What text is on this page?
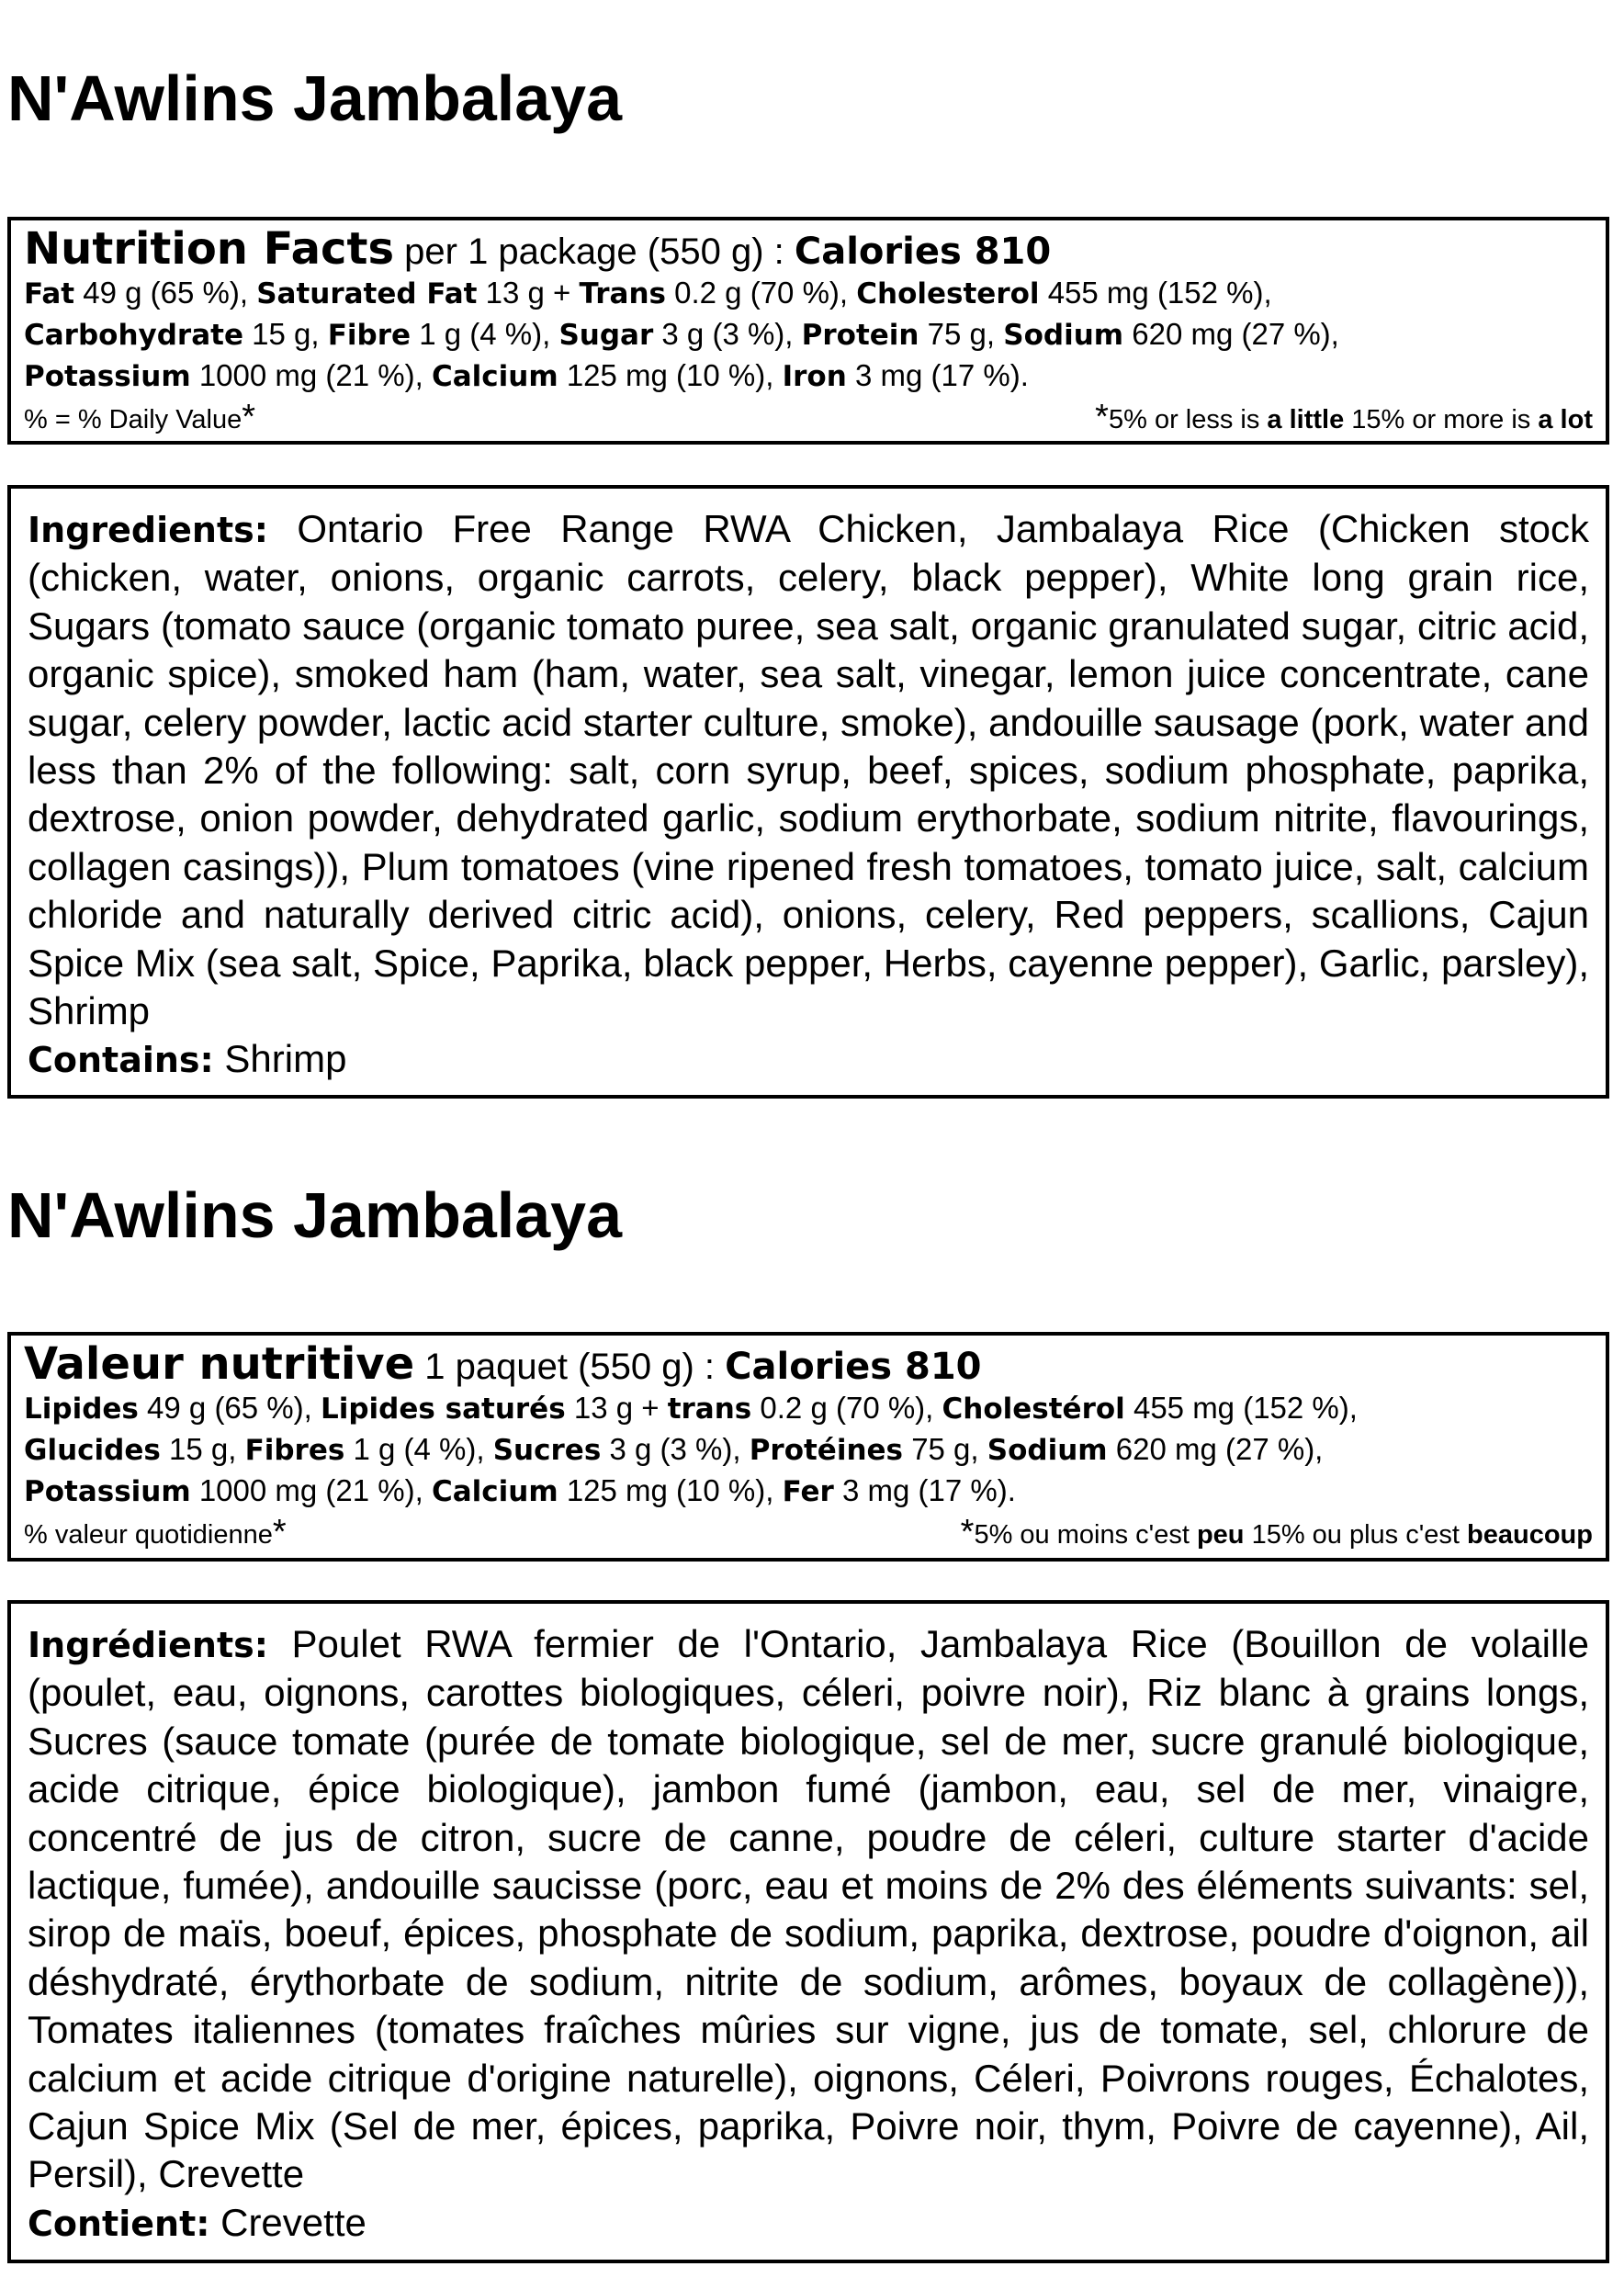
N'Awlins Jambalaya
Nutrition Facts per 1 package (550 g) : Calories 810
Fat 49 g (65 %), Saturated Fat 13 g + Trans 0.2 g (70 %), Cholesterol 455 mg (152 %),
Carbohydrate 15 g, Fibre 1 g (4 %), Sugar 3 g (3 %), Protein 75 g, Sodium 620 mg (27 %),
Potassium 1000 mg (21 %), Calcium 125 mg (10 %), Iron 3 mg (17 %).
% = % Daily Value*	*5% or less is a little 15% or more is a lot

Ingredients: Ontario Free Range RWA Chicken, Jambalaya Rice (Chicken stock (chicken, water, onions, organic carrots, celery, black pepper), White long grain rice, Sugars (tomato sauce (organic tomato puree, sea salt, organic granulated sugar, citric acid, organic spice), smoked ham (ham, water, sea salt, vinegar, lemon juice concentrate, cane sugar, celery powder, lactic acid starter culture, smoke), andouille sausage (pork, water and less than 2% of the following: salt, corn syrup, beef, spices, sodium phosphate, paprika, dextrose, onion powder, dehydrated garlic, sodium erythorbate, sodium nitrite, flavourings, collagen casings)), Plum tomatoes (vine ripened fresh tomatoes, tomato juice, salt, calcium chloride and naturally derived citric acid), onions, celery, Red peppers, scallions, Cajun Spice Mix (sea salt, Spice, Paprika, black pepper, Herbs, cayenne pepper), Garlic, parsley), Shrimp

Contains: Shrimp

N'Awlins Jambalaya
Valeur nutritive 1 paquet (550 g) : Calories 810
Lipides 49 g (65 %), Lipides saturés 13 g + trans 0.2 g (70 %), Cholestérol 455 mg (152 %),
Glucides 15 g, Fibres 1 g (4 %), Sucres 3 g (3 %), Protéines 75 g, Sodium 620 mg (27 %),
Potassium 1000 mg (21 %), Calcium 125 mg (10 %), Fer 3 mg (17 %).
% valeur quotidienne*	*5% ou moins c'est peu 15% ou plus c'est beaucoup

Ingrédients: Poulet RWA fermier de l'Ontario, Jambalaya Rice (Bouillon de volaille (poulet, eau, oignons, carottes biologiques, céleri, poivre noir), Riz blanc à grains longs, Sucres (sauce tomate (purée de tomate biologique, sel de mer, sucre granulé biologique, acide citrique, épice biologique), jambon fumé (jambon, eau, sel de mer, vinaigre, concentré de jus de citron, sucre de canne, poudre de céleri, culture starter d'acide lactique, fumée), andouille saucisse (porc, eau et moins de 2% des éléments suivants: sel, sirop de maïs, boeuf, épices, phosphate de sodium, paprika, dextrose, poudre d'oignon, ail déshydraté, érythorbate de sodium, nitrite de sodium, arômes, boyaux de collagène)), Tomates italiennes (tomates fraîches mûries sur vigne, jus de tomate, sel, chlorure de calcium et acide citrique d'origine naturelle), oignons, Céleri, Poivrons rouges, Échalotes, Cajun Spice Mix (Sel de mer, épices, paprika, Poivre noir, thym, Poivre de cayenne), Ail, Persil), Crevette

Contient: Crevette
